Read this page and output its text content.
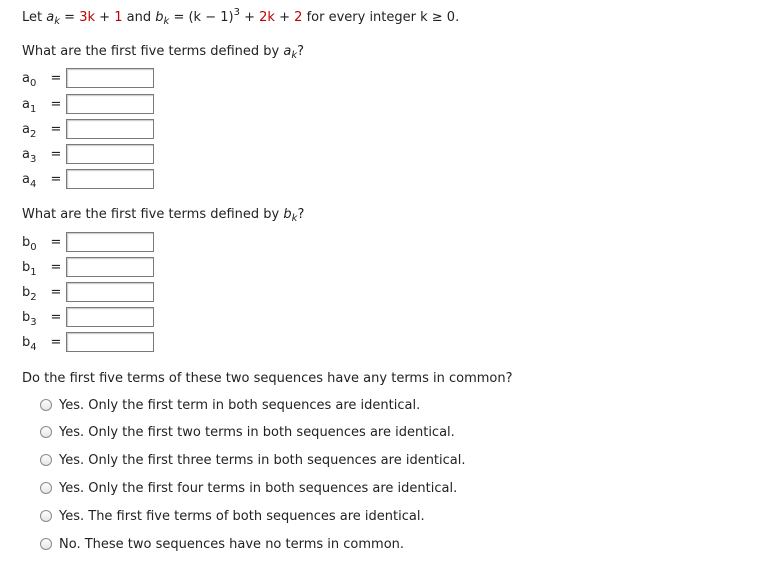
Let $a_k = 3k + 1$ and $b_k = (k - 1)^3 + 2k + 2$ for every integer k ≥ 0.
What are the first five terms defined by $a_k$?
$a_0$	=
$a_1$	=
$a_2$	=
$a_3$	=
$a_4$	=
What are the first five terms defined by $b_k$?
$b_0$	=
$b_1$	=
$b_2$	=
$b_3$	=
$b_4$	=
Do the first five terms of these two sequences have any terms in common?
Yes. Only the first term in both sequences are identical.
Yes. Only the first two terms in both sequences are identical.
Yes. Only the first three terms in both sequences are identical.
Yes. Only the first four terms in both sequences are identical.
Yes. The first five terms of both sequences are identical.
No. These two sequences have no terms in common.
